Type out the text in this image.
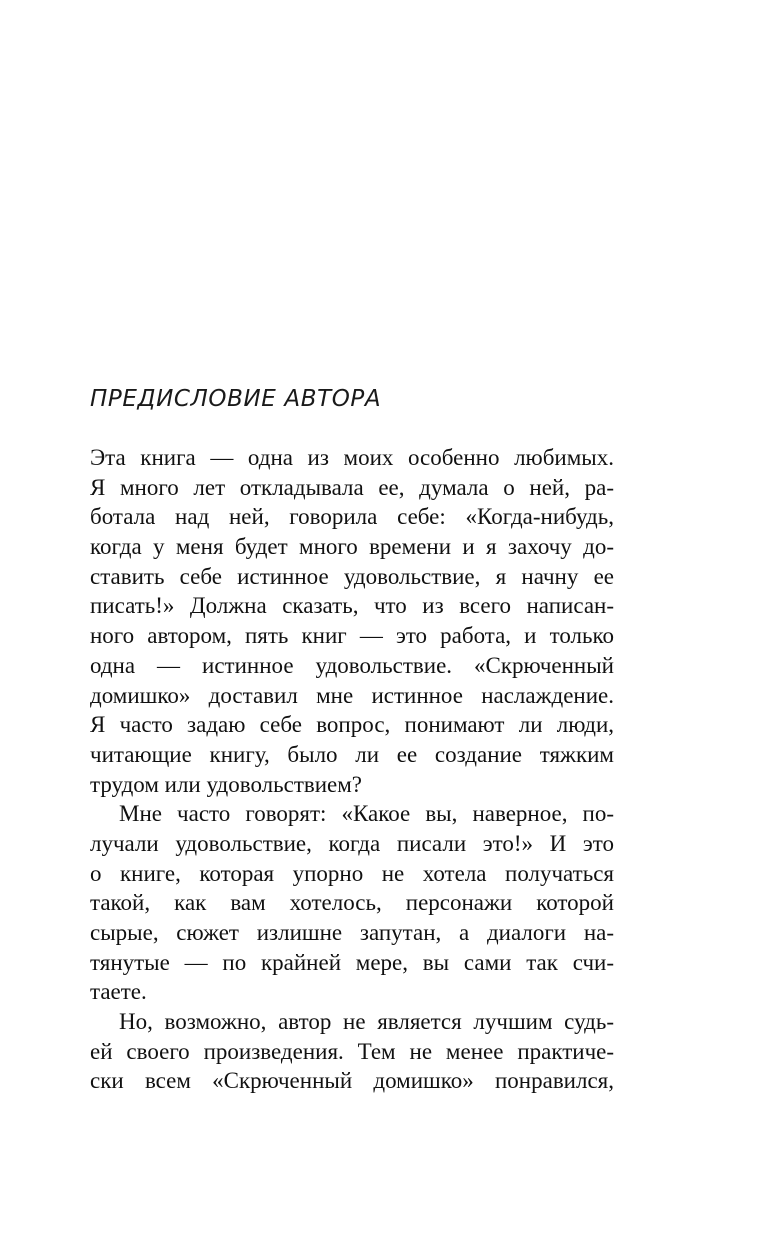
ПРЕДИСЛОВИЕ АВТОРА
Эта книга — одна из моих особенно любимых.
Я много лет откладывала ее, думала о ней, ра-
ботала над ней, говорила себе: «Когда-нибудь,
когда у меня будет много времени и я захочу до-
ставить себе истинное удовольствие, я начну ее
писать!» Должна сказать, что из всего написан-
ного автором, пять книг — это работа, и только
одна — истинное удовольствие. «Скрюченный
домишко» доставил мне истинное наслаждение.
Я часто задаю себе вопрос, понимают ли люди,
читающие книгу, было ли ее создание тяжким
трудом или удовольствием?
Мне часто говорят: «Какое вы, наверное, по-
лучали удовольствие, когда писали это!» И это
о книге, которая упорно не хотела получаться
такой, как вам хотелось, персонажи которой
сырые, сюжет излишне запутан, а диалоги на-
тянутые — по крайней мере, вы сами так счи-
таете.
Но, возможно, автор не является лучшим судь-
ей своего произведения. Тем не менее практиче-
ски всем «Скрюченный домишко» понравился,
